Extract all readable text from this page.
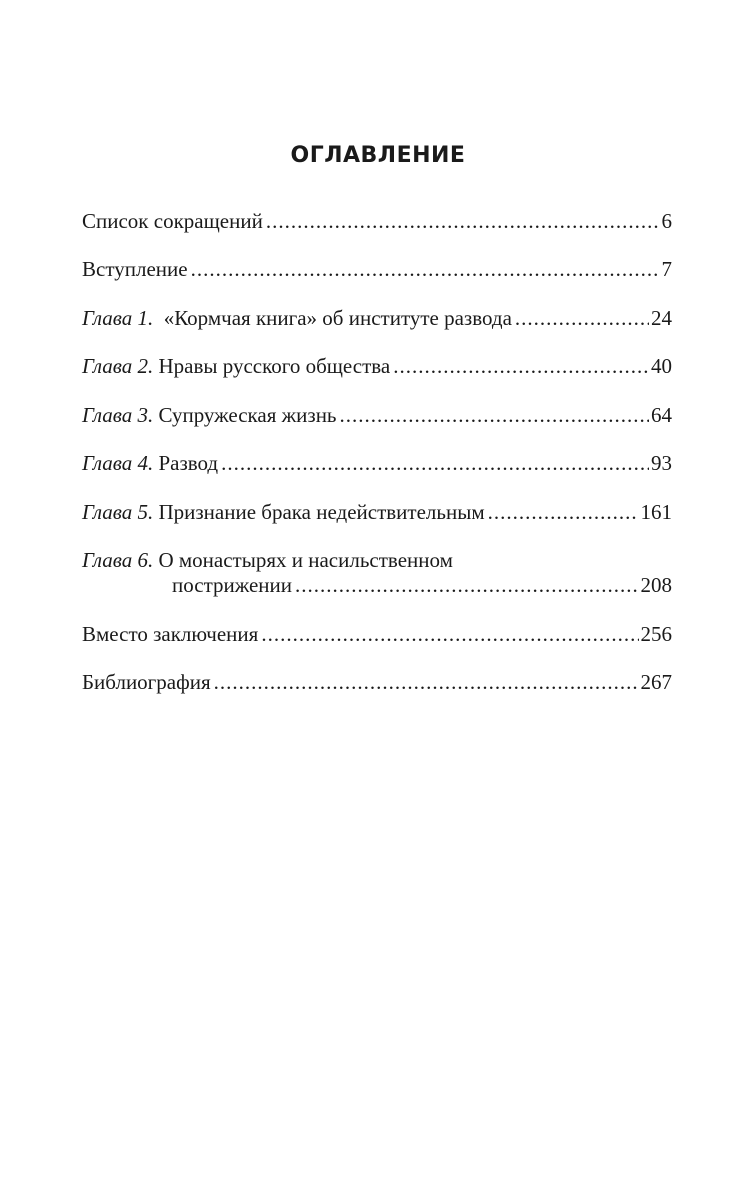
ОГЛАВЛЕНИЕ
Список сокращений .....	6
Вступление .....	7
Глава 1. «Кормчая книга» об институте развода .....	24
Глава 2. Нравы русского общества .....	40
Глава 3. Супружеская жизнь .....	64
Глава 4. Развод .....	93
Глава 5. Признание брака недействительным .....	161
Глава 6. О монастырях и насильственном
пострижении .....	208
Вместо заключения .....	256
Библиография .....	267
